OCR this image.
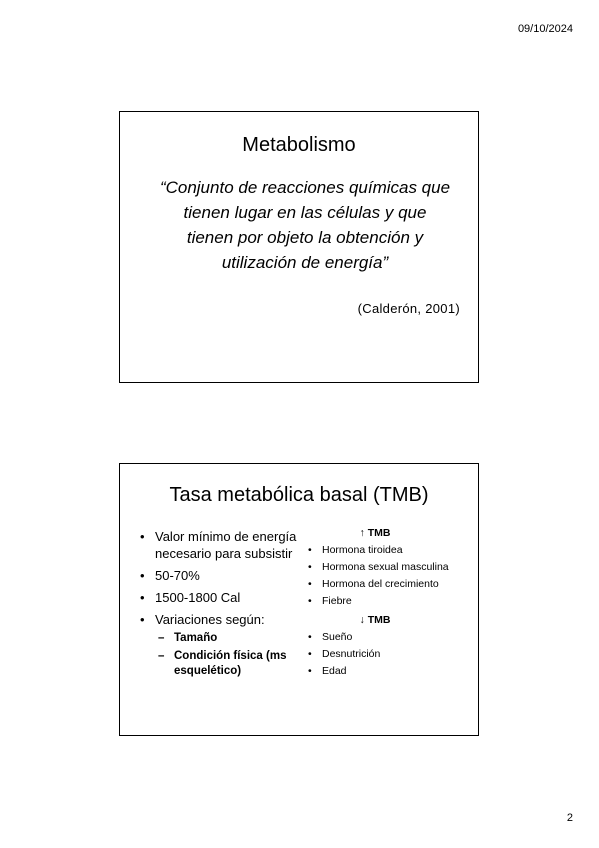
09/10/2024
Metabolismo
“Conjunto de reacciones químicas que
tienen lugar en las células y que
tienen por objeto la obtención y
utilización de energía”
(Calderón, 2001)
Tasa metabólica basal (TMB)
• Valor mínimo de energía necesario para subsistir
• 50-70%
• 1500-1800 Cal
• Variaciones según:
– Tamaño
– Condición física (ms esquelético)
↑ TMB
• Hormona tiroidea
• Hormona sexual masculina
• Hormona del crecimiento
• Fiebre
↓ TMB
• Sueño
• Desnutrición
• Edad
2
